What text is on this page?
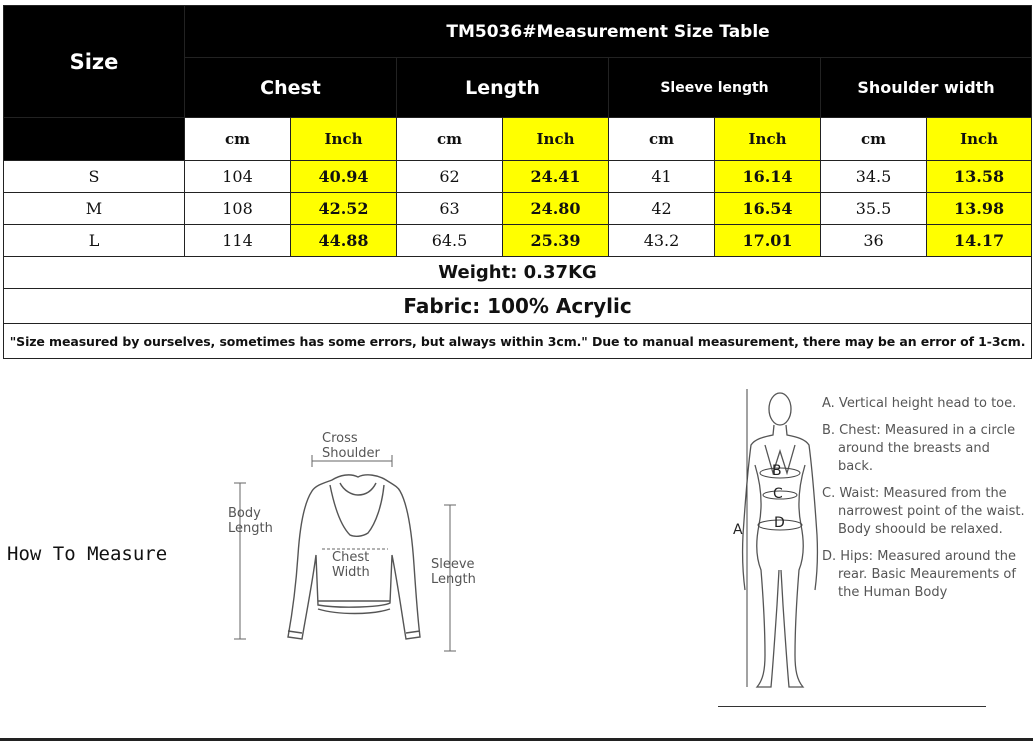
Size	TM5036#Measurement Size Table							
	Chest		Length		Sleeve length		Shoulder width	
	cm	Inch	cm	Inch	cm	Inch	cm	Inch
S	104	40.94	62	24.41	41	16.14	34.5	13.58
M	108	42.52	63	24.80	42	16.54	35.5	13.98
L	114	44.88	64.5	25.39	43.2	17.01	36	14.17
Weight: 0.37KG								
Fabric: 100% Acrylic								
"Size measured by ourselves, sometimes has some errors, but always within 3cm." Due to manual measurement, there may be an error of 1-3cm.								
How To Measure
Cross
Shoulder
Body
Length
Chest
Width
Sleeve
Length
B
C
D
A

A. Vertical height head to toe.

B. Chest: Measured in a circle around the breasts and back.

C. Waist: Measured from the narrowest point of the waist. Body shoould be relaxed.

D. Hips: Measured around the rear. Basic Meaurements of the Human Body
